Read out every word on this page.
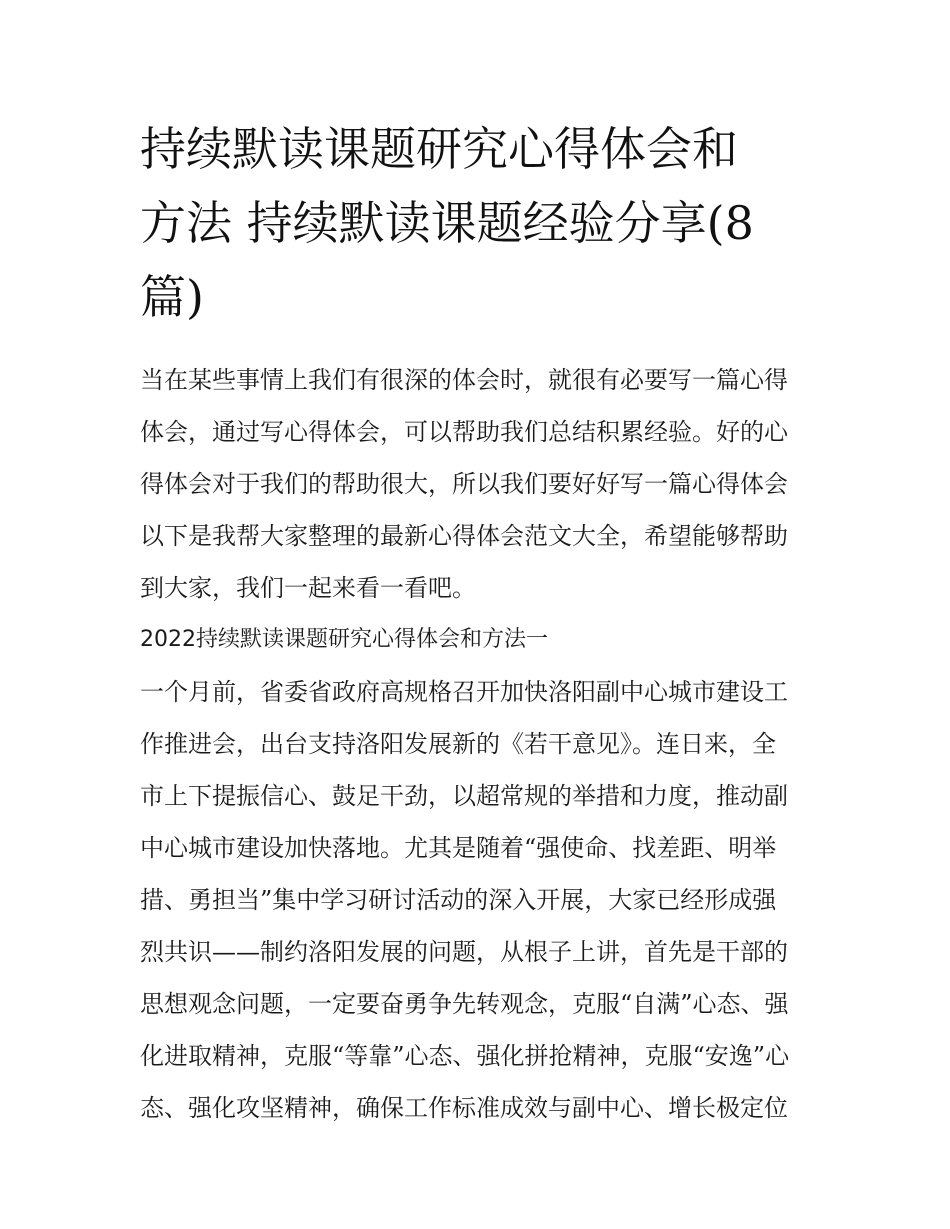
持续默读课题研究心得体会和
方法 持续默读课题经验分享(8
篇)
当在某些事情上我们有很深的体会时，就很有必要写一篇心得
体会，通过写心得体会，可以帮助我们总结积累经验。好的心
得体会对于我们的帮助很大，所以我们要好好写一篇心得体会
以下是我帮大家整理的最新心得体会范文大全，希望能够帮助
到大家，我们一起来看一看吧。
2022持续默读课题研究心得体会和方法一
一个月前，省委省政府高规格召开加快洛阳副中心城市建设工
作推进会，出台支持洛阳发展新的《若干意见》。连日来，全
市上下提振信心、鼓足干劲，以超常规的举措和力度，推动副
中心城市建设加快落地。尤其是随着“强使命、找差距、明举
措、勇担当”集中学习研讨活动的深入开展，大家已经形成强
烈共识——制约洛阳发展的问题，从根子上讲，首先是干部的
思想观念问题，一定要奋勇争先转观念，克服“自满”心态、强
化进取精神，克服“等靠”心态、强化拼抢精神，克服“安逸”心
态、强化攻坚精神，确保工作标准成效与副中心、增长极定位
